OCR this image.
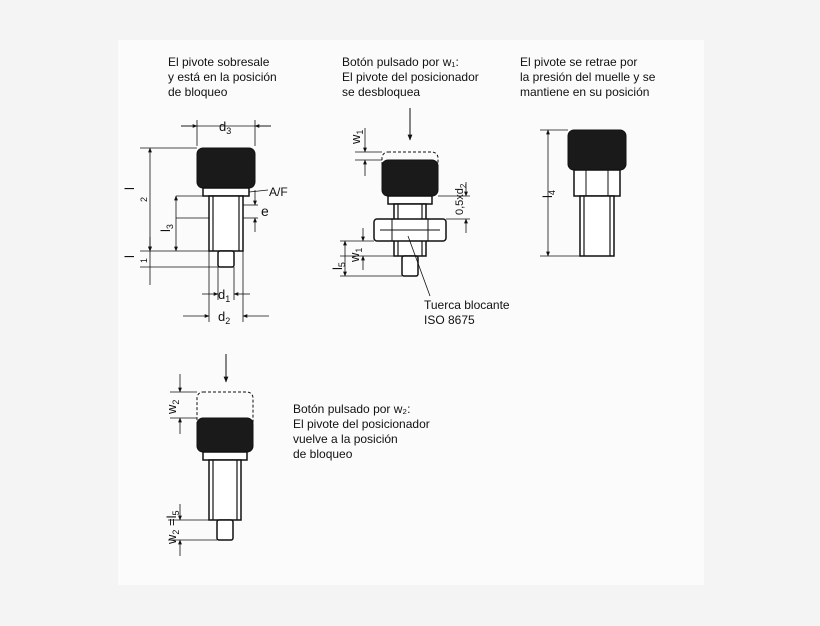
El pivote sobresale
y está en la posición
de bloqueo
Botón pulsado por w₁:
El pivote del posicionador
se desbloquea
El pivote se retrae por
la presión del muelle y se
mantiene en su posición
Botón pulsado por w₂:
El pivote del posicionador
vuelve a la posición
de bloqueo
Tuerca blocante
ISO 8675
$d_3$
A/F
e
$d_1$
$d_2$
l
2
$l_3$
l
1
$w_1$
$0,5xd_2$
$w_1$
$l_5$
$l_4$
$w_2$
$w_2 =l_5$
